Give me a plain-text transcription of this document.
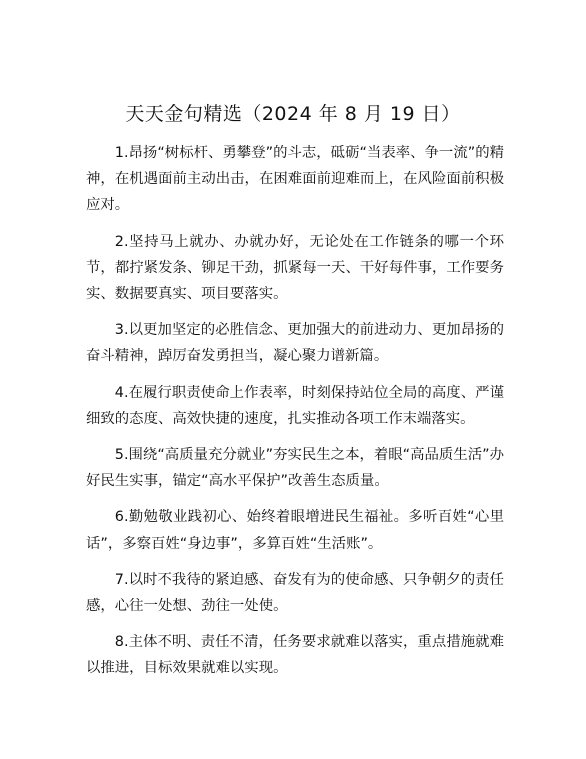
天天金句精选（2024 年 8 月 19 日）

1.昂扬“树标杆、勇攀登”的斗志，砥砺“当表率、争一流”的精神，在机遇面前主动出击，在困难面前迎难而上，在风险面前积极应对。

2.坚持马上就办、办就办好，无论处在工作链条的哪一个环节，都拧紧发条、铆足干劲，抓紧每一天、干好每件事，工作要务实、数据要真实、项目要落实。

3.以更加坚定的必胜信念、更加强大的前进动力、更加昂扬的奋斗精神，踔厉奋发勇担当，凝心聚力谱新篇。

4.在履行职责使命上作表率，时刻保持站位全局的高度、严谨细致的态度、高效快捷的速度，扎实推动各项工作末端落实。

5.围绕“高质量充分就业”夯实民生之本，着眼“高品质生活”办好民生实事，锚定“高水平保护”改善生态质量。

6.勤勉敬业践初心、始终着眼增进民生福祉。多听百姓“心里话”，多察百姓“身边事”，多算百姓“生活账”。

7.以时不我待的紧迫感、奋发有为的使命感、只争朝夕的责任感，心往一处想、劲往一处使。

8.主体不明、责任不清，任务要求就难以落实，重点措施就难以推进，目标效果就难以实现。
